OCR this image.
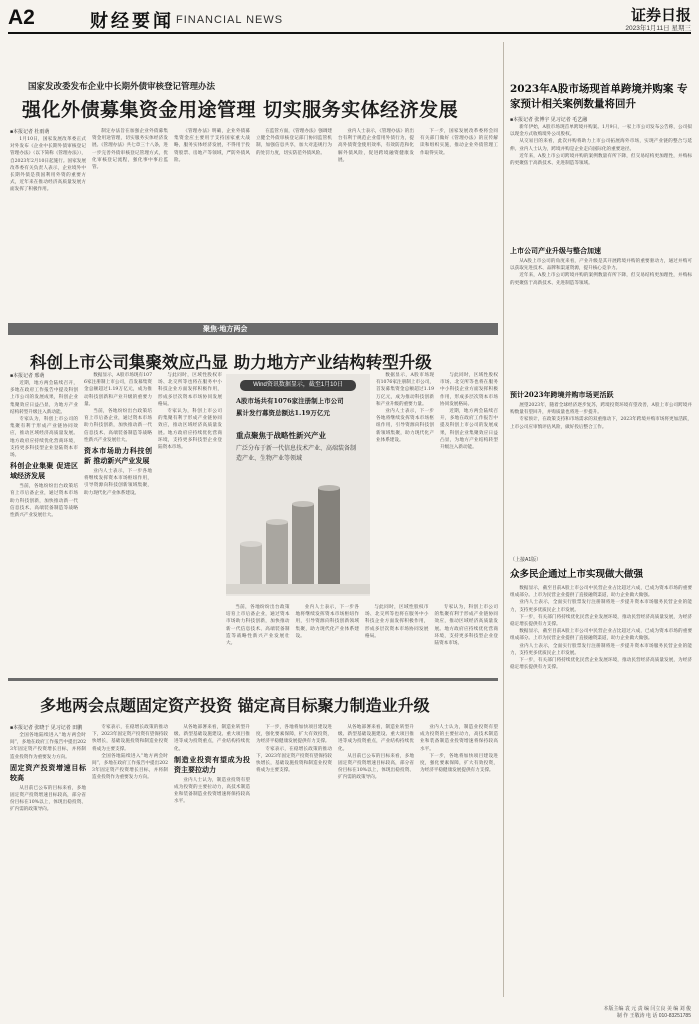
A2	财经要闻 FINANCIAL NEWS	证券日报
2023年1月11日 星期三
国家发改委发布企业中长期外债审核登记管理办法
强化外债募集资金用途管理 切实服务实体经济发展
■本报记者 杜雨萌

1月10日，国家发展改革委正式对外发布《企业中长期外债审核登记管理办法》（以下简称《管理办法》），自2023年2月10日起施行。国家发展改革委有关负责人表示，企业境外中长期外债是我国利用外资的重要方式，近年来在推动经济高质量发展方面发挥了积极作用。

制定办法旨在加强企业外债募集资金用途管理，切实服务实体经济发展。《管理办法》共七章三十八条，进一步完善外债审核登记管理方式，优化审核登记流程，强化事中事后监管。

《管理办法》明确，企业外债募集资金应主要用于支持国家重大战略，服务实体经济发展，不得用于投资股票、房地产等领域，严防外债风险。

在监管方面，《管理办法》强调建立健全外债审核登记部门协同监管机制，加强信息共享，加大对违规行为的处罚力度，切实防范外债风险。

业内人士表示，《管理办法》的出台有利于规范企业借用外债行为，提高外债资金使用效率，有效防范和化解外债风险，促进跨境融资健康发展。

下一步，国家发展改革委将会同有关部门做好《管理办法》的宣传解读和组织实施，推动企业外债管理工作取得实效。

2023年A股市场现首单跨境并购案 专家预计相关案例数量将回升
■本报记者 张博宇 见习记者 毛艺融

新年伊始，A股市场现首单跨境并购案。1月9日，一家上市公司发布公告称，公司拟以现金方式收购境外公司股权。

从交易目的来看，此次并购将助力上市公司拓展海外市场，实现产业链的整合与延伸。业内人士认为，跨境并购是企业走向国际化的重要途径。

近年来，A股上市公司跨境并购的案例数量有所下降，但交易结构更加理性，并购标的更聚焦于高新技术、先进制造等领域。

上市公司产业升级与整合加速

从A股上市公司的角度来看，产业升级是其开展跨境并购的重要驱动力，通过并购可以获取先进技术、品牌和渠道资源，提升核心竞争力。

近年来，A股上市公司跨境并购的案例数量有所下降，但交易结构更加理性，并购标的更聚焦于高新技术、先进制造等领域。

预计2023年跨境并购市场更活跃

展望2023年，随着全球经济逐步复苏，跨境投资环境有望改善，A股上市公司跨境并购数量有望回升，并购质量也将进一步提升。

专家预计，在政策支持和市场需求的双重推动下，2023年跨境并购市场将更加活跃，上市公司应审慎评估风险，做好投后整合工作。

（上接A1版）
众多民企通过上市实现做大做强

数据显示，截至目前A股上市公司中民营企业占比超过六成，已成为资本市场的重要组成部分。上市为民营企业提供了直接融资渠道，助力企业做大做强。

业内人士表示，全面实行股票发行注册制将进一步提升资本市场服务民营企业的能力，支持更多优质民企上市发展。

下一步，有关部门将持续优化民营企业发展环境，推动民营经济高质量发展，为经济稳定增长提供有力支撑。

数据显示，截至目前A股上市公司中民营企业占比超过六成，已成为资本市场的重要组成部分。上市为民营企业提供了直接融资渠道，助力企业做大做强。

业内人士表示，全面实行股票发行注册制将进一步提升资本市场服务民营企业的能力，支持更多优质民企上市发展。

下一步，有关部门将持续优化民营企业发展环境，推动民营经济高质量发展，为经济稳定增长提供有力支撑。

聚焦·地方两会
科创上市公司集聚效应凸显 助力地方产业结构转型升级
■本报记者 邢萌

近期，地方两会陆续召开，多地在政府工作报告中提及科创上市公司的发展成果，科创企业集聚效应日益凸显，为地方产业结构转型升级注入新动能。

专家认为，科创上市公司的集聚有利于形成产业链协同效应，推动区域经济高质量发展。地方政府应持续优化营商环境，支持更多科技型企业登陆资本市场。

科创企业集聚 促进区域经济发展

当前，各地纷纷出台政策培育上市后备企业，通过资本市场助力科技创新，加快推动新一代信息技术、高端装备制造等战略性新兴产业发展壮大。

数据显示，A股市场现有1076家注册制上市公司，首发募集资金总额超过1.19万亿元，成为推动科技创新和产业升级的重要力量。

当前，各地纷纷出台政策培育上市后备企业，通过资本市场助力科技创新，加快推动新一代信息技术、高端装备制造等战略性新兴产业发展壮大。

资本市场助力科技创新 推动新兴产业发展

业内人士表示，下一步各地将继续发挥资本市场枢纽作用，引导资源向科技创新领域集聚，助力现代化产业体系建设。

与此同时，区域性股权市场、北交所等也将在服务中小科技企业方面发挥积极作用，形成多层次资本市场协同发展格局。

专家认为，科创上市公司的集聚有利于形成产业链协同效应，推动区域经济高质量发展。地方政府应持续优化营商环境，支持更多科技型企业登陆资本市场。

Wind资讯数据显示，截至1月10日
A股市场共有1076家注册制上市公司
累计发行募资总额达1.19万亿元
重点聚焦于战略性新兴产业
广泛分布于新一代信息技术产业、高端装备制造产业、生物产业等领域

数据显示，A股市场现有1076家注册制上市公司，首发募集资金总额超过1.19万亿元，成为推动科技创新和产业升级的重要力量。

业内人士表示，下一步各地将继续发挥资本市场枢纽作用，引导资源向科技创新领域集聚，助力现代化产业体系建设。

与此同时，区域性股权市场、北交所等也将在服务中小科技企业方面发挥积极作用，形成多层次资本市场协同发展格局。

近期，地方两会陆续召开，多地在政府工作报告中提及科创上市公司的发展成果，科创企业集聚效应日益凸显，为地方产业结构转型升级注入新动能。

当前，各地纷纷出台政策培育上市后备企业，通过资本市场助力科技创新，加快推动新一代信息技术、高端装备制造等战略性新兴产业发展壮大。

业内人士表示，下一步各地将继续发挥资本市场枢纽作用，引导资源向科技创新领域集聚，助力现代化产业体系建设。

与此同时，区域性股权市场、北交所等也将在服务中小科技企业方面发挥积极作用，形成多层次资本市场协同发展格局。

专家认为，科创上市公司的集聚有利于形成产业链协同效应，推动区域经济高质量发展。地方政府应持续优化营商环境，支持更多科技型企业登陆资本市场。

多地两会点题固定资产投资 锚定高目标聚力制造业升级
■本报记者 张晓于 见习记者 田鹏

全国各地陆续进入“地方两会时间”，多地在政府工作报告中提出2023年固定资产投资增长目标，并将制造业投资作为重要发力方向。

固定资产投资增速目标较高

从目前已公布的目标来看，多地固定资产投资增速目标较高，部分省份目标在10%以上，体现出稳投资、扩内需的政策导向。

专家表示，在稳增长政策的推动下，2023年固定资产投资有望保持较快增长，基础设施投资和制造业投资将成为主要支撑。

全国各地陆续进入“地方两会时间”，多地在政府工作报告中提出2023年固定资产投资增长目标，并将制造业投资作为重要发力方向。

从各地部署来看，制造业转型升级、新型基础设施建设、重大项目推进等成为投资重点，产业结构持续优化。

制造业投资有望成为投资主要拉动力

业内人士认为，制造业投资有望成为投资的主要拉动力，高技术制造业和装备制造业投资增速将保持较高水平。

下一步，各地将加快项目建设进度，强化要素保障，扩大有效投资，为经济平稳健康发展提供有力支撑。

专家表示，在稳增长政策的推动下，2023年固定资产投资有望保持较快增长，基础设施投资和制造业投资将成为主要支撑。

从各地部署来看，制造业转型升级、新型基础设施建设、重大项目推进等成为投资重点，产业结构持续优化。

从目前已公布的目标来看，多地固定资产投资增速目标较高，部分省份目标在10%以上，体现出稳投资、扩内需的政策导向。

业内人士认为，制造业投资有望成为投资的主要拉动力，高技术制造业和装备制造业投资增速将保持较高水平。

下一步，各地将加快项目建设进度，强化要素保障，扩大有效投资，为经济平稳健康发展提供有力支撑。

本版主编 袁 元 责 编 闫立良 美 编 刘 俊
制 作 王敬涛 电 话 010-83251785
